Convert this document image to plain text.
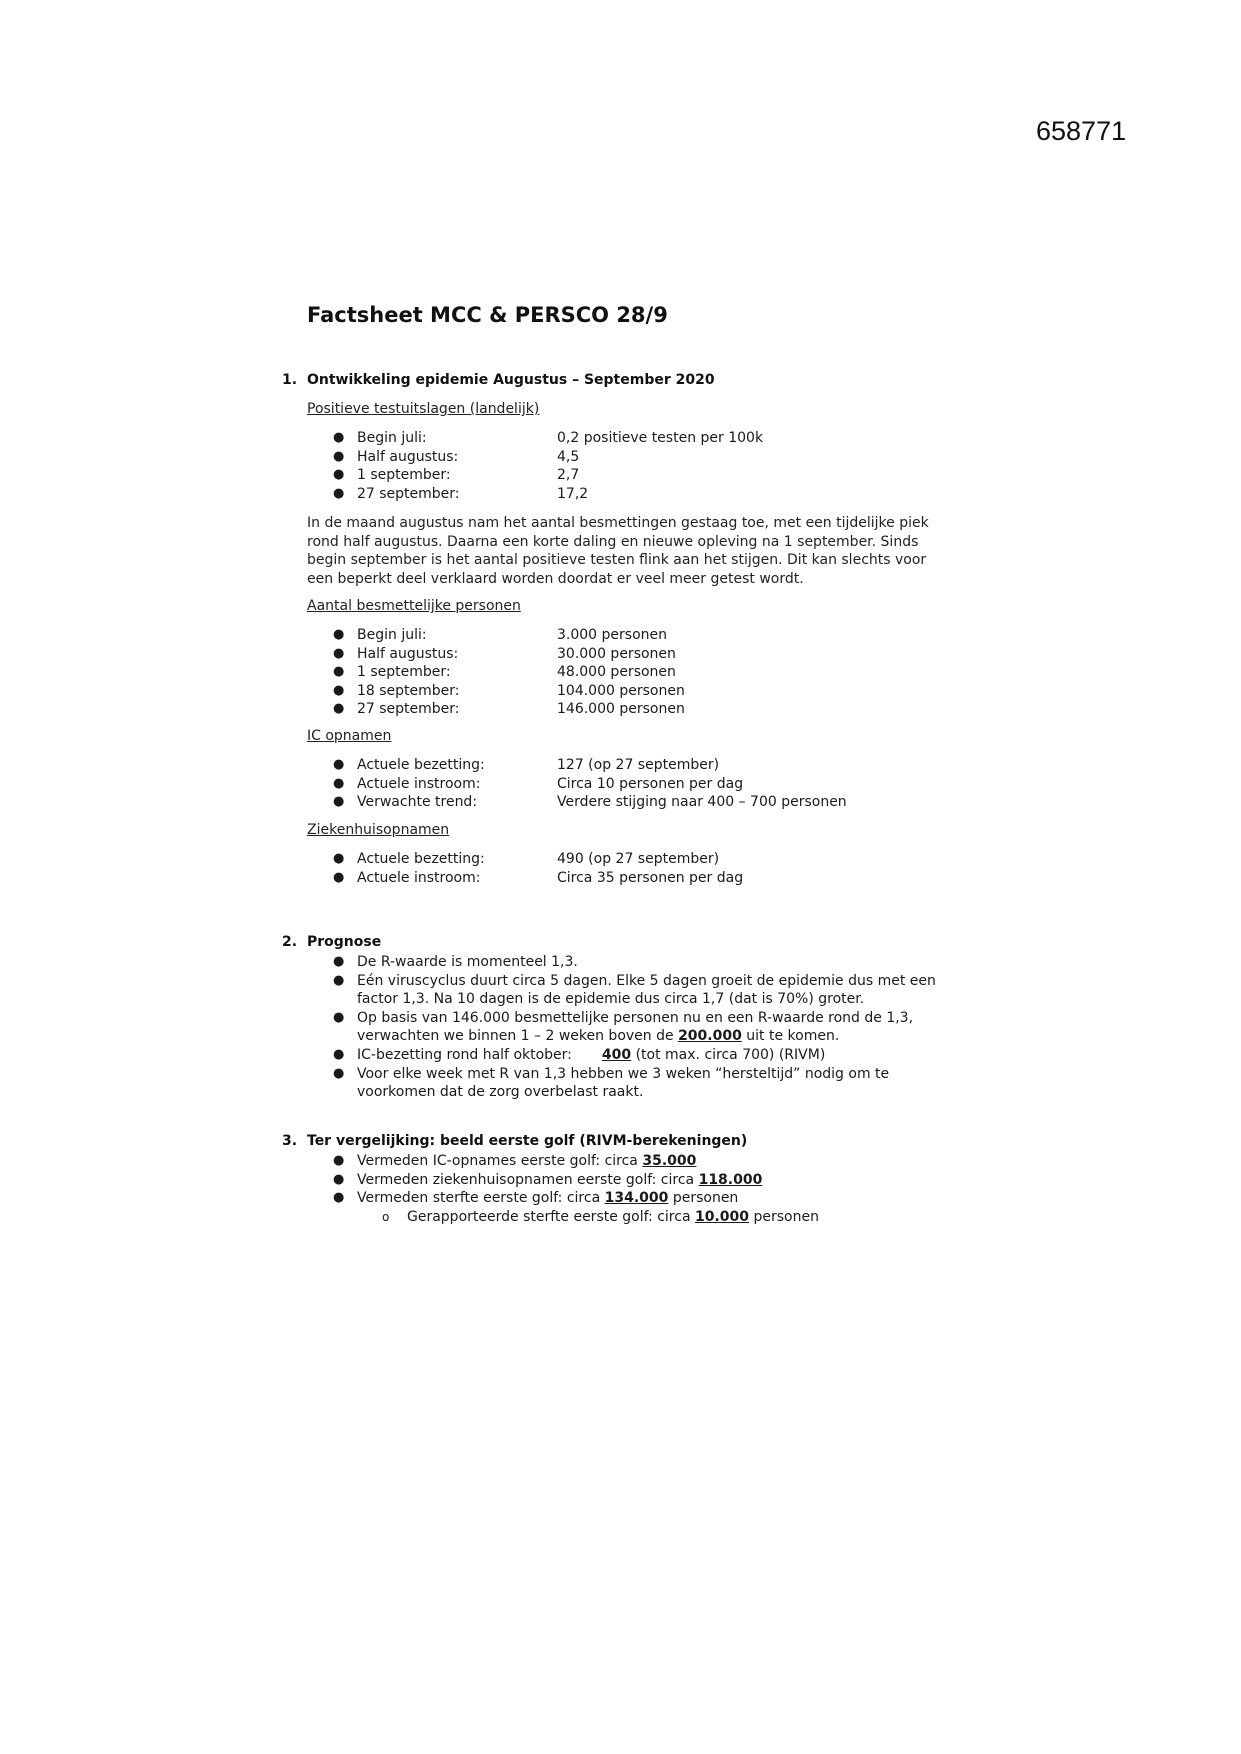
658771
Factsheet MCC & PERSCO 28/9
1. Ontwikkeling epidemie Augustus – September 2020
Positieve testuitslagen (landelijk)
● Begin juli:	0,2 positieve testen per 100k
● Half augustus:	4,5
● 1 september:	2,7
● 27 september:	17,2

In de maand augustus nam het aantal besmettingen gestaag toe, met een tijdelijke piek rond half augustus. Daarna een korte daling en nieuwe opleving na 1 september. Sinds begin september is het aantal positieve testen flink aan het stijgen. Dit kan slechts voor een beperkt deel verklaard worden doordat er veel meer getest wordt.

Aantal besmettelijke personen
● Begin juli:	3.000 personen
● Half augustus:	30.000 personen
● 1 september:	48.000 personen
● 18 september:	104.000 personen
● 27 september:	146.000 personen
IC opnamen
● Actuele bezetting:	127 (op 27 september)
● Actuele instroom:	Circa 10 personen per dag
● Verwachte trend:	Verdere stijging naar 400 – 700 personen
Ziekenhuisopnamen
● Actuele bezetting:	490 (op 27 september)
● Actuele instroom:	Circa 35 personen per dag
2. Prognose
● De R-waarde is momenteel 1,3.
● Eén viruscyclus duurt circa 5 dagen. Elke 5 dagen groeit de epidemie dus met een factor 1,3. Na 10 dagen is de epidemie dus circa 1,7 (dat is 70%) groter.
● Op basis van 146.000 besmettelijke personen nu en een R-waarde rond de 1,3, verwachten we binnen 1 – 2 weken boven de 200.000 uit te komen.
● IC-bezetting rond half oktober: 400 (tot max. circa 700) (RIVM)
● Voor elke week met R van 1,3 hebben we 3 weken “hersteltijd” nodig om te voorkomen dat de zorg overbelast raakt.
3. Ter vergelijking: beeld eerste golf (RIVM-berekeningen)
● Vermeden IC-opnames eerste golf: circa 35.000
● Vermeden ziekenhuisopnamen eerste golf: circa 118.000
● Vermeden sterfte eerste golf: circa 134.000 personen
o Gerapporteerde sterfte eerste golf: circa 10.000 personen
